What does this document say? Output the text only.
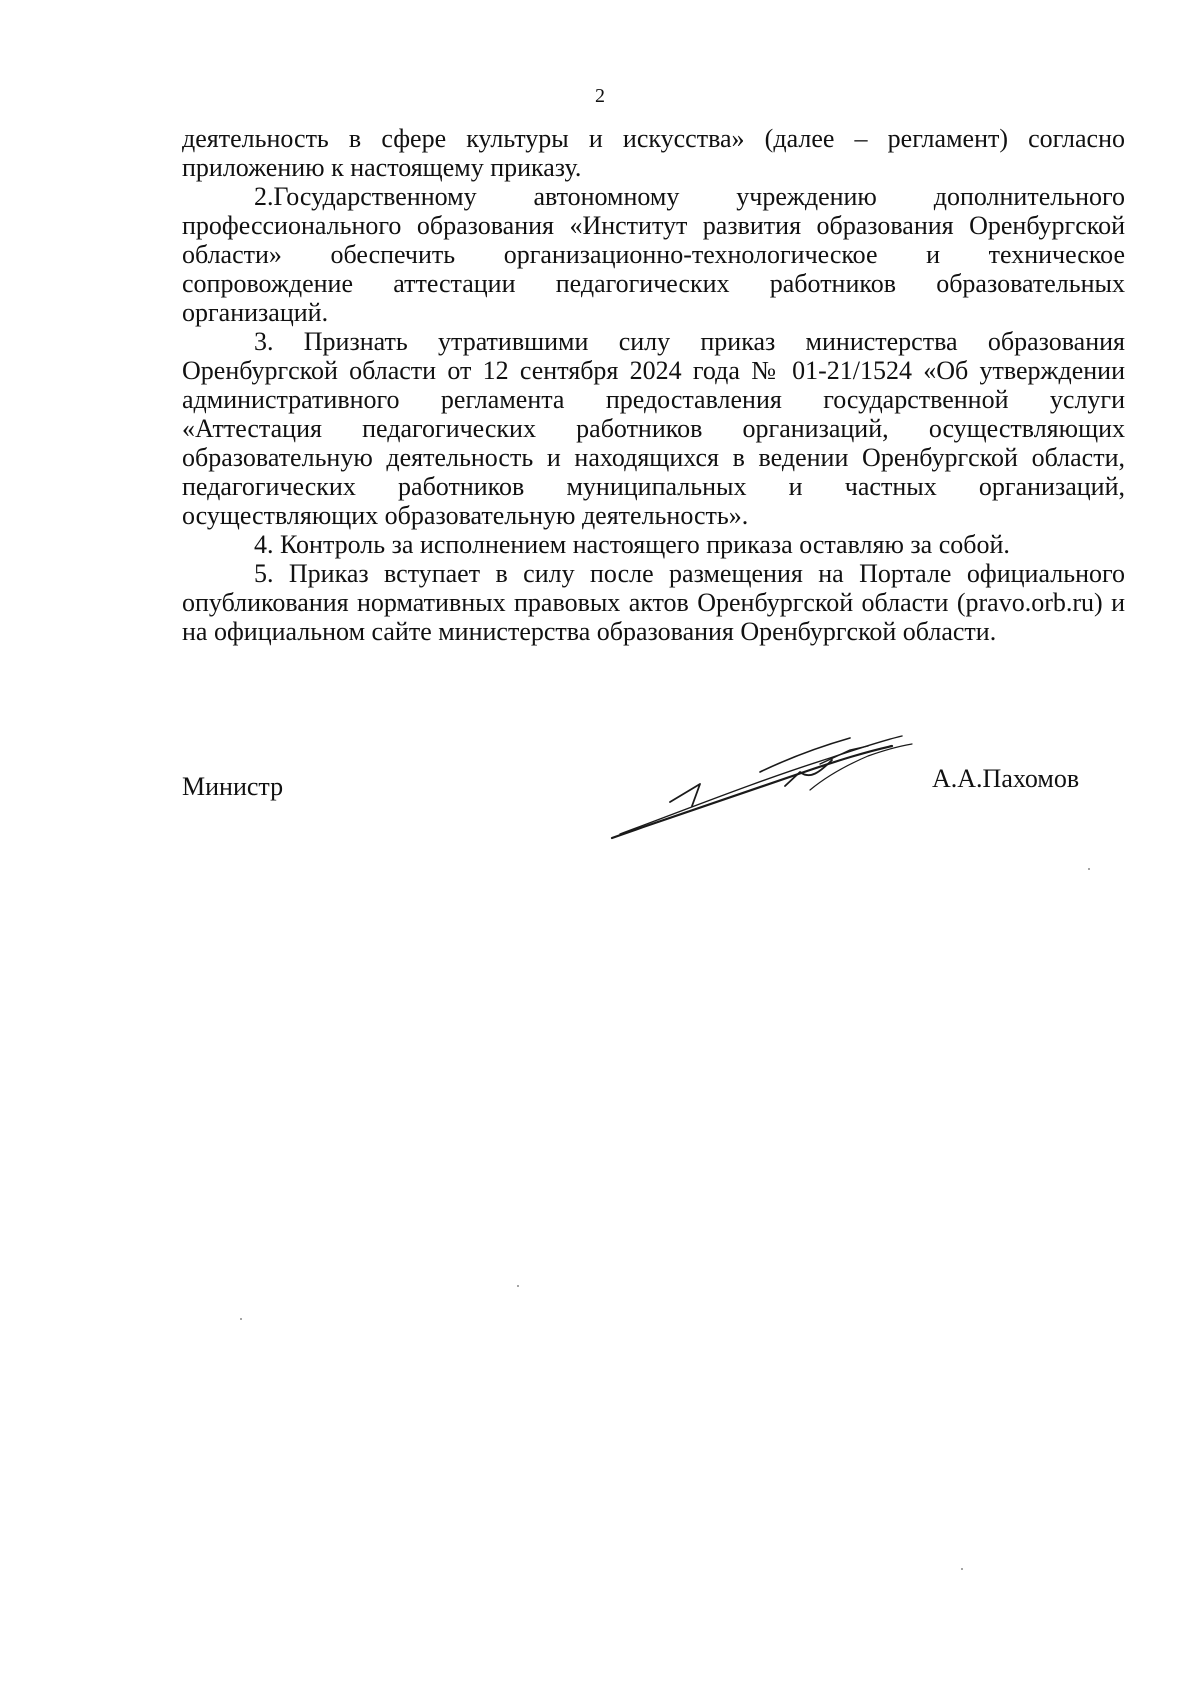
2

деятельность в сфере культуры и искусства» (далее – регламент) согласно приложению к настоящему приказу.

2.Государственному автономному учреждению дополнительного профессионального образования «Институт развития образования Оренбургской области» обеспечить организационно-технологическое и техническое сопровождение аттестации педагогических работников образовательных организаций.

3. Признать утратившими силу приказ министерства образования Оренбургской области от 12 сентября 2024 года № 01-21/1524 «Об утверждении административного регламента предоставления государственной услуги «Аттестация педагогических работников организаций, осуществляющих образовательную деятельность и находящихся в ведении Оренбургской области, педагогических работников муниципальных и частных организаций, осуществляющих образовательную деятельность».

4. Контроль за исполнением настоящего приказа оставляю за собой.

5. Приказ вступает в силу после размещения на Портале официального опубликования нормативных правовых актов Оренбургской области (pravo.orb.ru) и на официальном сайте министерства образования Оренбургской области.

Министр	А.А.Пахомов
